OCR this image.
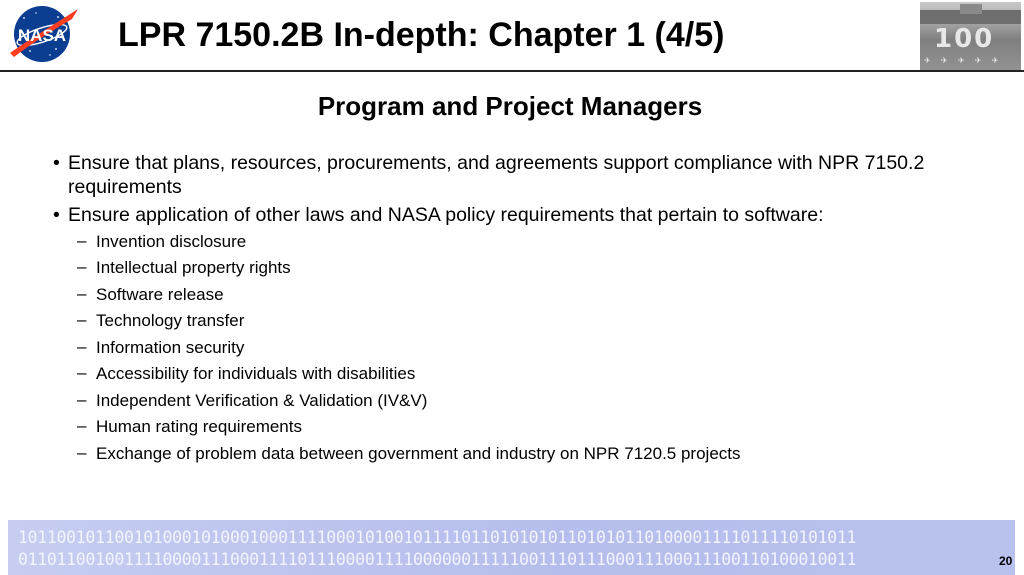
NASA LPR 7150.2B In-depth: Chapter 1 (4/5)	100
✈ ✈ ✈ ✈ ✈
Program and Project Managers
• Ensure that plans, resources, procurements, and agreements support compliance with NPR 7150.2 requirements
• Ensure application of other laws and NASA policy requirements that pertain to software:
– Invention disclosure
– Intellectual property rights
– Software release
– Technology transfer
– Information security
– Accessibility for individuals with disabilities
– Independent Verification & Validation (IV&V)
– Human rating requirements
– Exchange of problem data between government and industry on NPR 7120.5 projects
101100101100101000101000100011110001010010111101101010101101010110100001111011110101011
011011001001111000011100011110111000011110000001111100111011100011100011100110100010011	20
